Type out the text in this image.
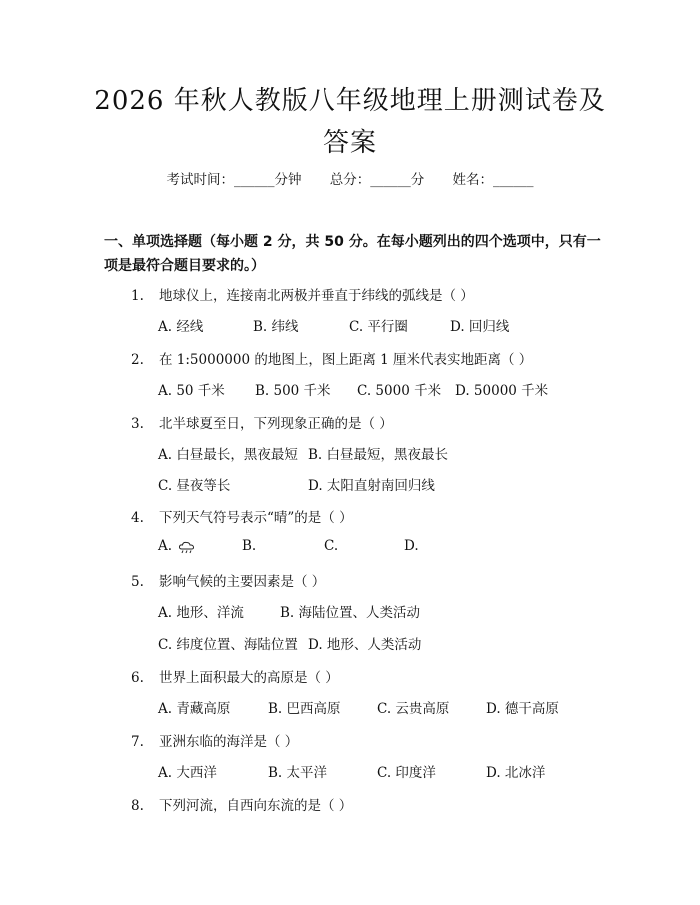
2026 年秋人教版八年级地理上册测试卷及答案
考试时间：______分钟 总分：______分 姓名：______
一、单项选择题（每小题 2 分，共 50 分。在每小题列出的四个选项中，只有一项是最符合题目要求的。）
1. 地球仪上，连接南北两极并垂直于纬线的弧线是（ ）
A. 经线	B. 纬线	C. 平行圈	D. 回归线
2. 在 1:5000000 的地图上，图上距离 1 厘米代表实地距离（ ）
A. 50 千米 B. 500 千米 C. 5000 千米 D. 50000 千米
3. 北半球夏至日，下列现象正确的是（ ）
A. 白昼最长，黑夜最短 B. 白昼最短，黑夜最长
C. 昼夜等长	D. 太阳直射南回归线
4. 下列天气符号表示“晴”的是（ ）
A.	B.	C.	D.
5. 影响气候的主要因素是（ ）
A. 地形、洋流	B. 海陆位置、人类活动
C. 纬度位置、海陆位置 D. 地形、人类活动
6. 世界上面积最大的高原是（ ）
A. 青藏高原	B. 巴西高原	C. 云贵高原	D. 德干高原
7. 亚洲东临的海洋是（ ）
A. 大西洋	B. 太平洋	C. 印度洋	D. 北冰洋
8. 下列河流，自西向东流的是（ ）
